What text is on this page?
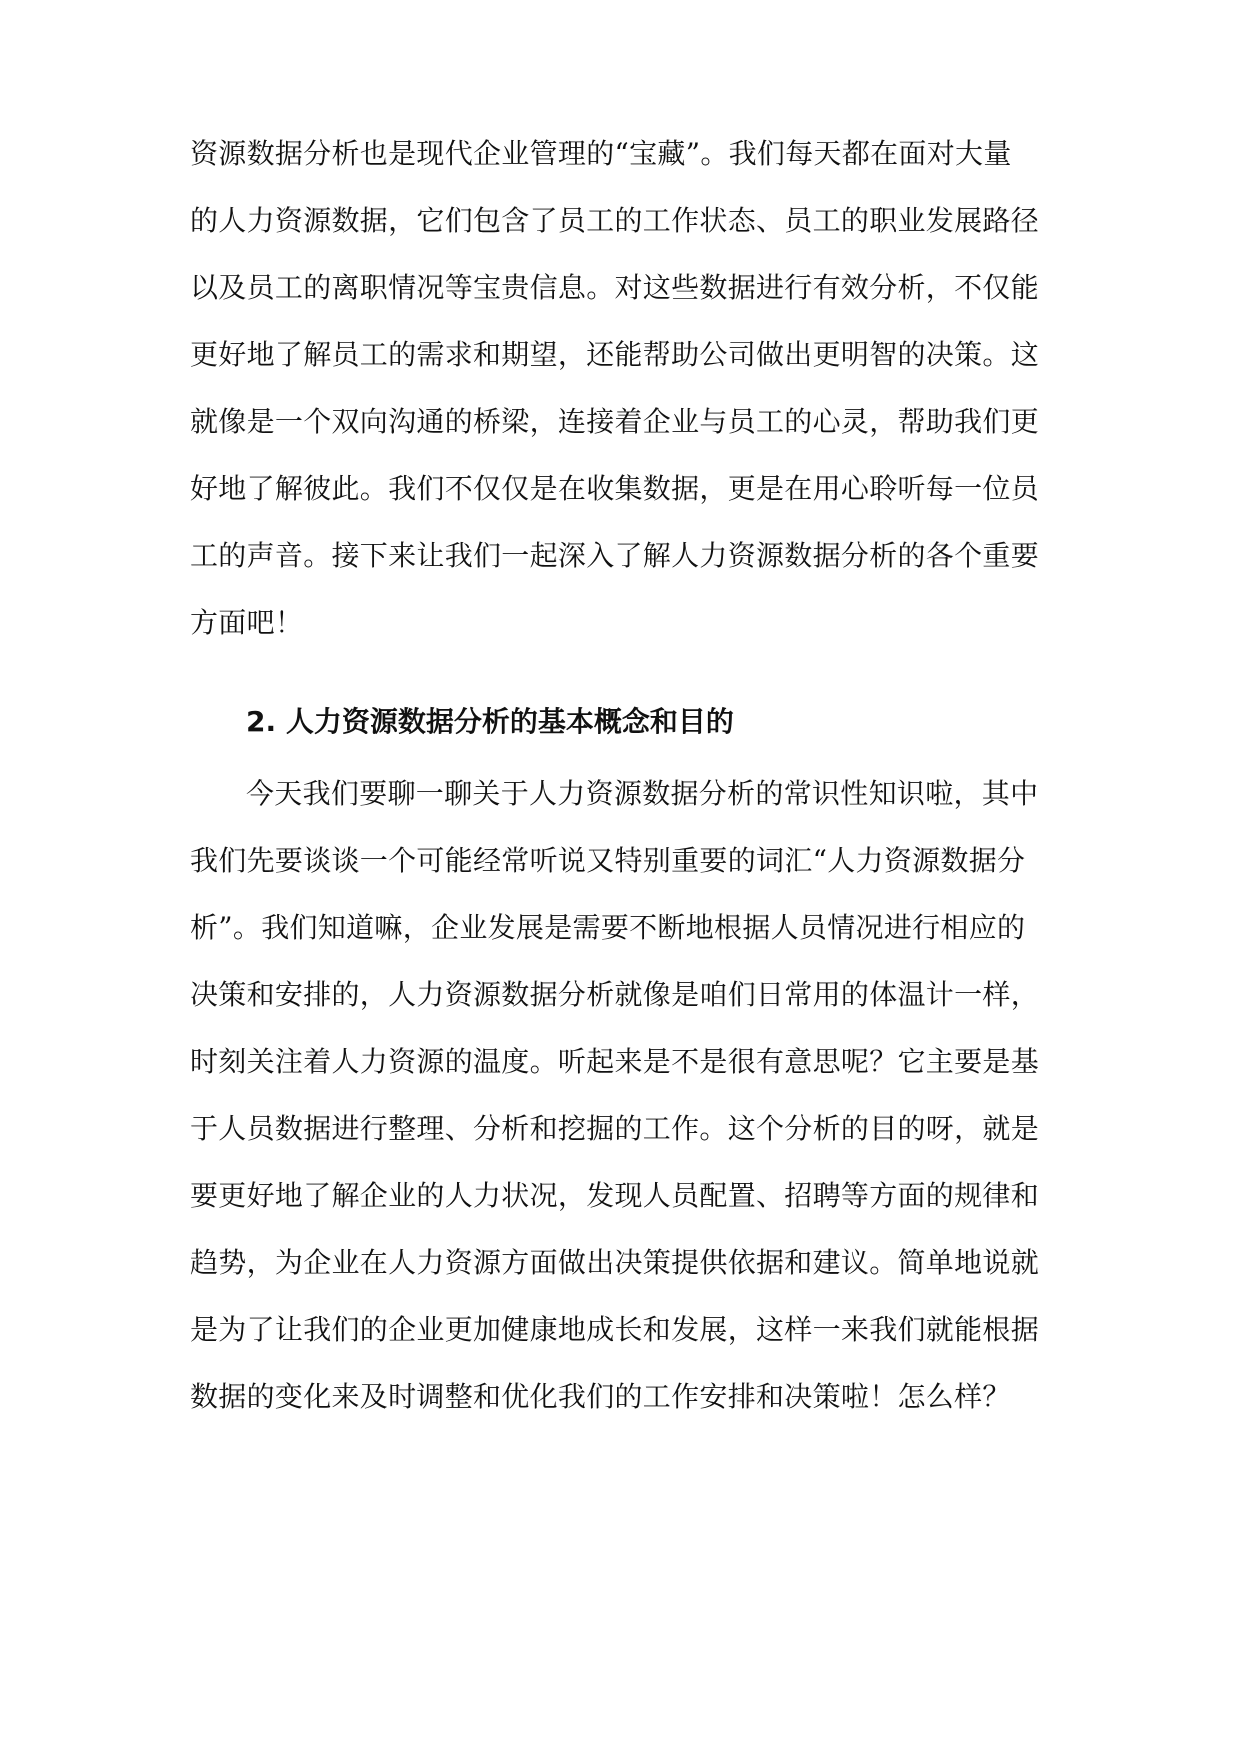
资源数据分析也是现代企业管理的“宝藏”。我们每天都在面对大量
的人力资源数据，它们包含了员工的工作状态、员工的职业发展路径
以及员工的离职情况等宝贵信息。对这些数据进行有效分析，不仅能
更好地了解员工的需求和期望，还能帮助公司做出更明智的决策。这
就像是一个双向沟通的桥梁，连接着企业与员工的心灵，帮助我们更
好地了解彼此。我们不仅仅是在收集数据，更是在用心聆听每一位员
工的声音。接下来让我们一起深入了解人力资源数据分析的各个重要
方面吧！
2. 人力资源数据分析的基本概念和目的
今天我们要聊一聊关于人力资源数据分析的常识性知识啦，其中
我们先要谈谈一个可能经常听说又特别重要的词汇“人力资源数据分
析”。我们知道嘛，企业发展是需要不断地根据人员情况进行相应的
决策和安排的，人力资源数据分析就像是咱们日常用的体温计一样，
时刻关注着人力资源的温度。听起来是不是很有意思呢？它主要是基
于人员数据进行整理、分析和挖掘的工作。这个分析的目的呀，就是
要更好地了解企业的人力状况，发现人员配置、招聘等方面的规律和
趋势，为企业在人力资源方面做出决策提供依据和建议。简单地说就
是为了让我们的企业更加健康地成长和发展，这样一来我们就能根据
数据的变化来及时调整和优化我们的工作安排和决策啦！怎么样？
